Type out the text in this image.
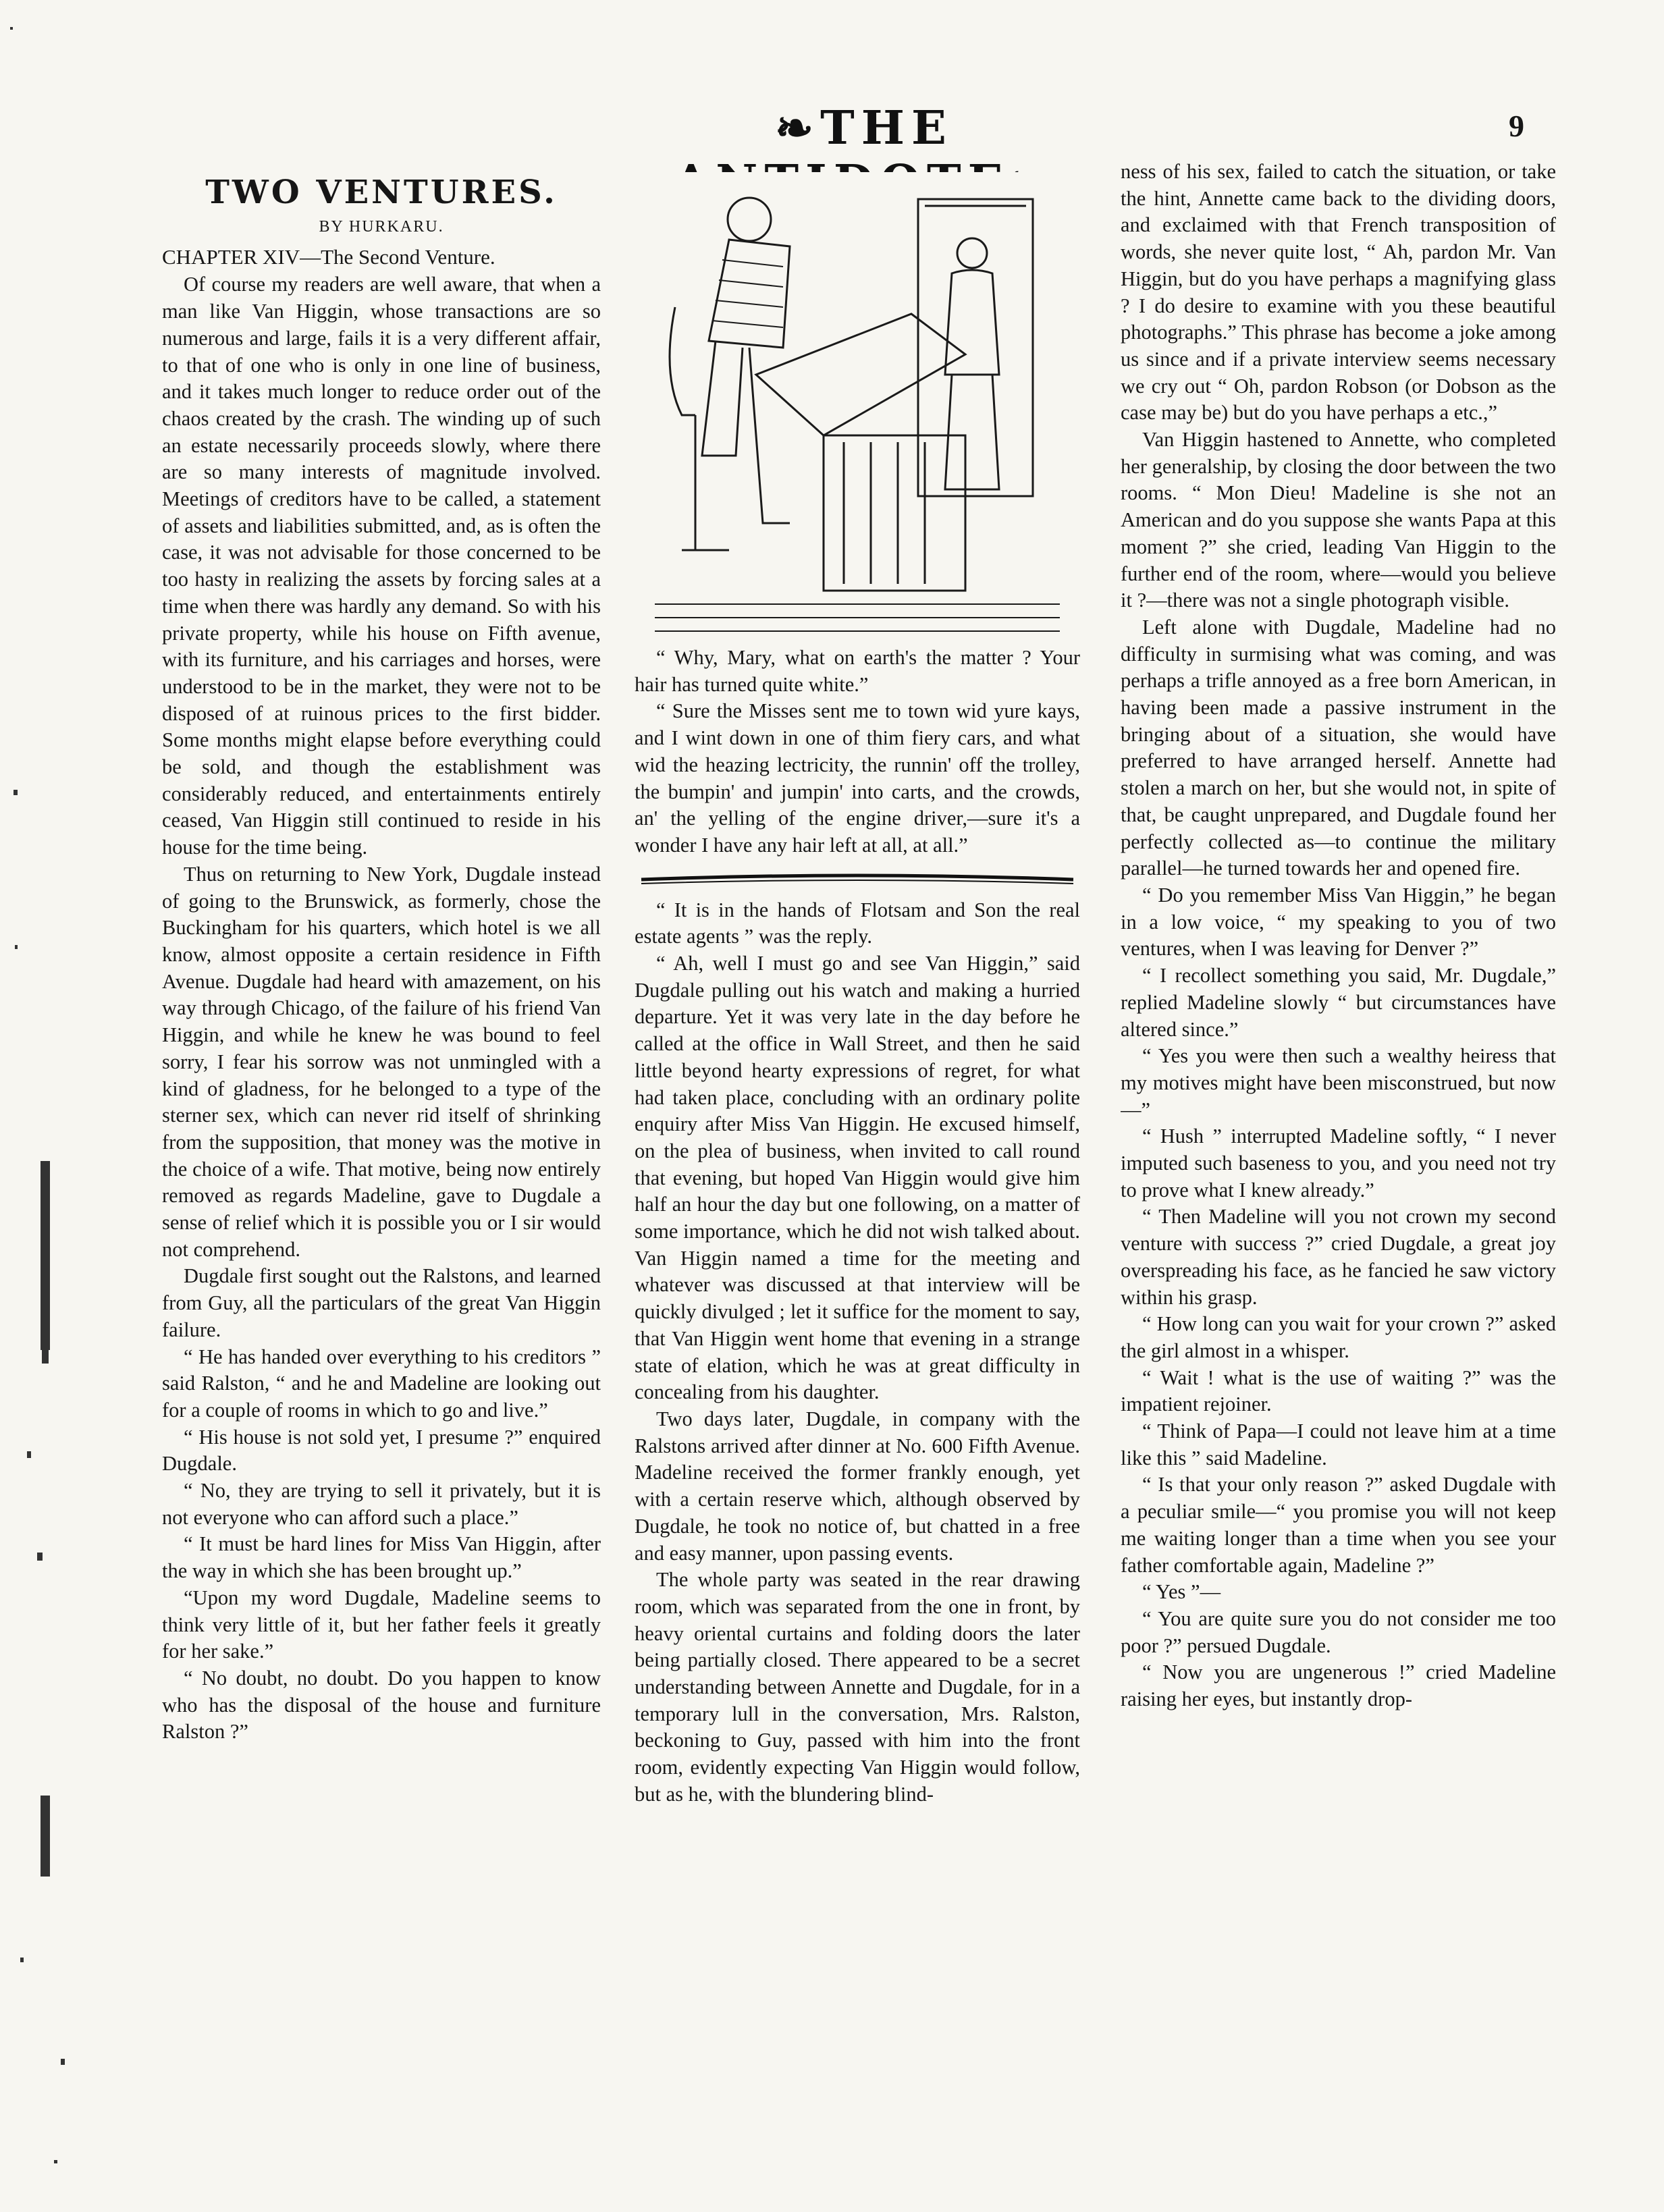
❧THE	9
TWO VENTURES.
BY HURKARU.
CHAPTER XIV—The Second Venture.

Of course my readers are well aware, that when a man like Van Higgin, whose transactions are so numerous and large, fails it is a very different affair, to that of one who is only in one line of business, and it takes much longer to reduce order out of the chaos created by the crash. The winding up of such an estate necessarily proceeds slowly, where there are so many interests of magnitude involved. Meetings of creditors have to be called, a statement of assets and liabilities submitted, and, as is often the case, it was not advisable for those concerned to be too hasty in realizing the assets by forcing sales at a time when there was hardly any demand. So with his private property, while his house on Fifth avenue, with its furniture, and his carriages and horses, were understood to be in the market, they were not to be disposed of at ruinous prices to the first bidder. Some months might elapse before everything could be sold, and though the establishment was considerably reduced, and entertainments entirely ceased, Van Higgin still continued to reside in his house for the time being.

Thus on returning to New York, Dugdale instead of going to the Brunswick, as formerly, chose the Buckingham for his quarters, which hotel is we all know, almost opposite a certain residence in Fifth Avenue. Dugdale had heard with amazement, on his way through Chicago, of the failure of his friend Van Higgin, and while he knew he was bound to feel sorry, I fear his sorrow was not unmingled with a kind of gladness, for he belonged to a type of the sterner sex, which can never rid itself of shrinking from the supposition, that money was the motive in the choice of a wife. That motive, being now entirely removed as regards Madeline, gave to Dugdale a sense of relief which it is possible you or I sir would not comprehend.

Dugdale first sought out the Ralstons, and learned from Guy, all the particulars of the great Van Higgin failure.

“ He has handed over everything to his creditors ” said Ralston, “ and he and Madeline are looking out for a couple of rooms in which to go and live.”

“ His house is not sold yet, I presume ?” enquired Dugdale.

“ No, they are trying to sell it privately, but it is not everyone who can afford such a place.”

“ It must be hard lines for Miss Van Higgin, after the way in which she has been brought up.”

“Upon my word Dugdale, Madeline seems to think very little of it, but her father feels it greatly for her sake.”

“ No doubt, no doubt. Do you happen to know who has the disposal of the house and furniture Ralston ?”

“ Why, Mary, what on earth's the matter ? Your hair has turned quite white.”

“ Sure the Misses sent me to town wid yure kays, and I wint down in one of thim fiery cars, and what wid the heazing lectricity, the runnin' off the trolley, the bumpin' and jumpin' into carts, and the crowds, an' the yelling of the engine driver,—sure it's a wonder I have any hair left at all, at all.”

“ It is in the hands of Flotsam and Son the real estate agents ” was the reply.

“ Ah, well I must go and see Van Higgin,” said Dugdale pulling out his watch and making a hurried departure. Yet it was very late in the day before he called at the office in Wall Street, and then he said little beyond hearty expressions of regret, for what had taken place, concluding with an ordinary polite enquiry after Miss Van Higgin. He excused himself, on the plea of business, when invited to call round that evening, but hoped Van Higgin would give him half an hour the day but one following, on a matter of some importance, which he did not wish talked about. Van Higgin named a time for the meeting and whatever was discussed at that interview will be quickly divulged ; let it suffice for the moment to say, that Van Higgin went home that evening in a strange state of elation, which he was at great difficulty in concealing from his daughter.

Two days later, Dugdale, in company with the Ralstons arrived after dinner at No. 600 Fifth Avenue. Madeline received the former frankly enough, yet with a certain reserve which, although observed by Dugdale, he took no notice of, but chatted in a free and easy manner, upon passing events.

The whole party was seated in the rear drawing room, which was separated from the one in front, by heavy oriental curtains and folding doors the later being partially closed. There appeared to be a secret understanding between Annette and Dugdale, for in a temporary lull in the conversation, Mrs. Ralston, beckoning to Guy, passed with him into the front room, evidently expecting Van Higgin would follow, but as he, with the blundering blind-

ness of his sex, failed to catch the situation, or take the hint, Annette came back to the dividing doors, and exclaimed with that French transposition of words, she never quite lost, “ Ah, pardon Mr. Van Higgin, but do you have perhaps a magnifying glass ? I do desire to examine with you these beautiful photographs.” This phrase has become a joke among us since and if a private interview seems necessary we cry out “ Oh, pardon Robson (or Dobson as the case may be) but do you have perhaps a etc.,”

Van Higgin hastened to Annette, who completed her generalship, by closing the door between the two rooms. “ Mon Dieu! Madeline is she not an American and do you suppose she wants Papa at this moment ?” she cried, leading Van Higgin to the further end of the room, where—would you believe it ?—there was not a single photograph visible.

Left alone with Dugdale, Madeline had no difficulty in surmising what was coming, and was perhaps a trifle annoyed as a free born American, in having been made a passive instrument in the bringing about of a situation, she would have preferred to have arranged herself. Annette had stolen a march on her, but she would not, in spite of that, be caught unprepared, and Dugdale found her perfectly collected as—to continue the military parallel—he turned towards her and opened fire.

“ Do you remember Miss Van Higgin,” he began in a low voice, “ my speaking to you of two ventures, when I was leaving for Denver ?”

“ I recollect something you said, Mr. Dugdale,” replied Madeline slowly “ but circumstances have altered since.”

“ Yes you were then such a wealthy heiress that my motives might have been misconstrued, but now—”

“ Hush ” interrupted Madeline softly, “ I never imputed such baseness to you, and you need not try to prove what I knew already.”

“ Then Madeline will you not crown my second venture with success ?” cried Dugdale, a great joy overspreading his face, as he fancied he saw victory within his grasp.

“ How long can you wait for your crown ?” asked the girl almost in a whisper.

“ Wait ! what is the use of waiting ?” was the impatient rejoiner.

“ Think of Papa—I could not leave him at a time like this ” said Madeline.

“ Is that your only reason ?” asked Dugdale with a peculiar smile—“ you promise you will not keep me waiting longer than a time when you see your father comfortable again, Madeline ?”

“ Yes ”—

“ You are quite sure you do not consider me too poor ?” persued Dugdale.

“ Now you are ungenerous !” cried Madeline raising her eyes, but instantly drop-
